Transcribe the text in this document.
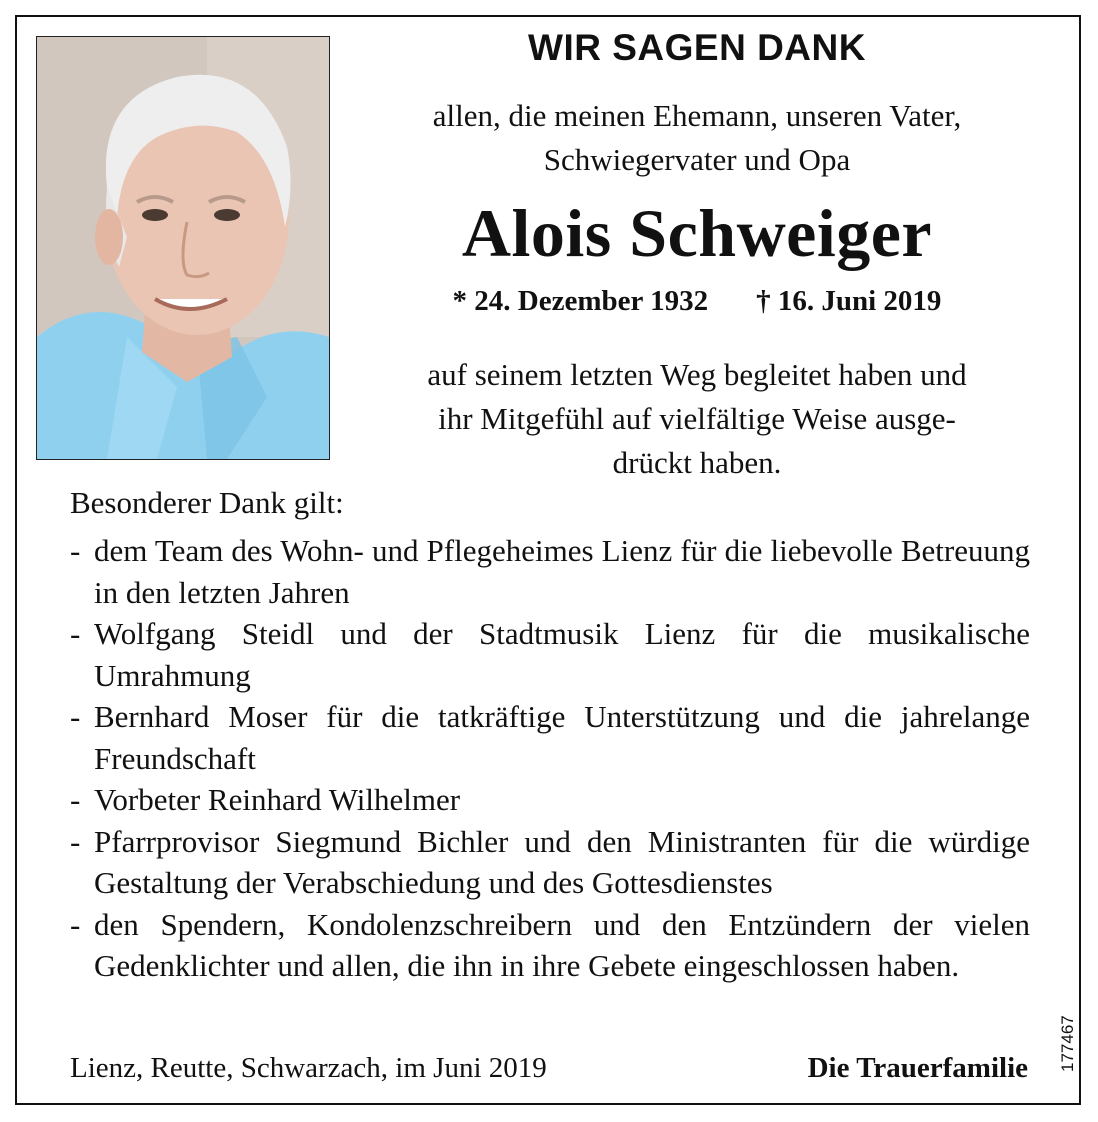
WIR SAGEN DANK
allen, die meinen Ehemann, unseren Vater,
Schwiegervater und Opa
Alois Schweiger
* 24. Dezember 1932 † 16. Juni 2019
auf seinem letzten Weg begleitet haben und
ihr Mitgefühl auf vielfältige Weise ausge-
drückt haben.
Besonderer Dank gilt:
- dem Team des Wohn- und Pflegeheimes Lienz für die liebevolle Betreuung in den letzten Jahren
- Wolfgang Steidl und der Stadtmusik Lienz für die musikalische Umrahmung
- Bernhard Moser für die tatkräftige Unterstützung und die jahrelange Freundschaft
- Vorbeter Reinhard Wilhelmer
- Pfarrprovisor Siegmund Bichler und den Ministranten für die würdige Gestaltung der Verabschiedung und des Gottesdienstes
- den Spendern, Kondolenzschreibern und den Entzündern der vielen Gedenklichter und allen, die ihn in ihre Gebete eingeschlossen haben.
Lienz, Reutte, Schwarzach, im Juni 2019	Die Trauerfamilie 177467
